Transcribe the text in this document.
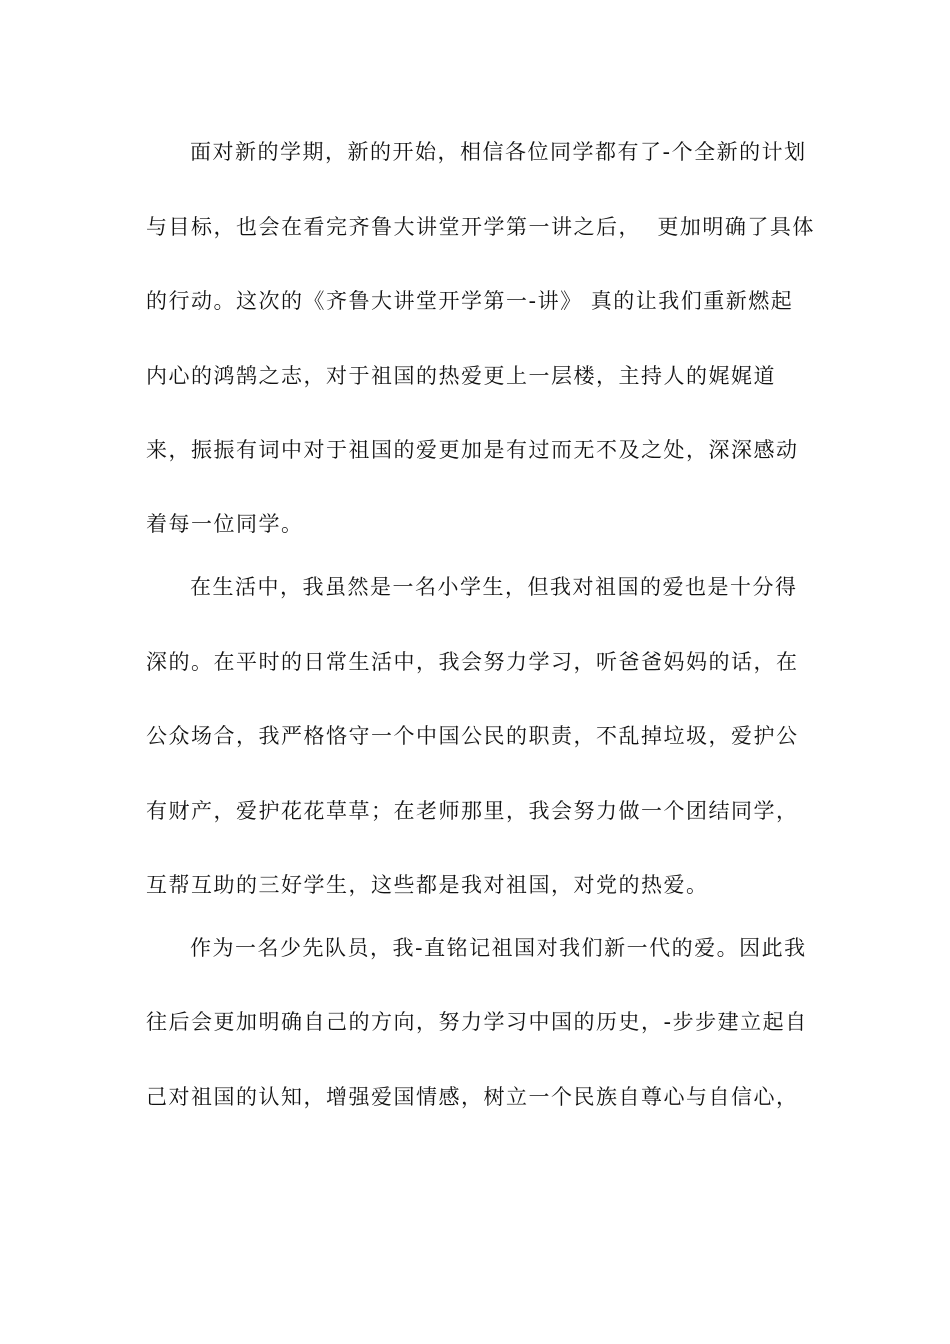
面对新的学期，新的开始，相信各位同学都有了-个全新的计划
与目标，也会在看完齐鲁大讲堂开学第一讲之后，  更加明确了具体
的行动。这次的《齐鲁大讲堂开学第一-讲》 真的让我们重新燃起
内心的鸿鹄之志，对于祖国的热爱更上一层楼，主持人的娓娓道
来，振振有词中对于祖国的爱更加是有过而无不及之处，深深感动
着每一位同学。
在生活中，我虽然是一名小学生，但我对祖国的爱也是十分得
深的。在平时的日常生活中，我会努力学习，听爸爸妈妈的话，在
公众场合，我严格恪守一个中国公民的职责，不乱掉垃圾，爱护公
有财产，爱护花花草草；在老师那里，我会努力做一个团结同学，
互帮互助的三好学生，这些都是我对祖国，对党的热爱。
作为一名少先队员，我-直铭记祖国对我们新一代的爱。因此我
往后会更加明确自己的方向，努力学习中国的历史，-步步建立起自
己对祖国的认知，增强爱国情感，树立一个民族自尊心与自信心，
